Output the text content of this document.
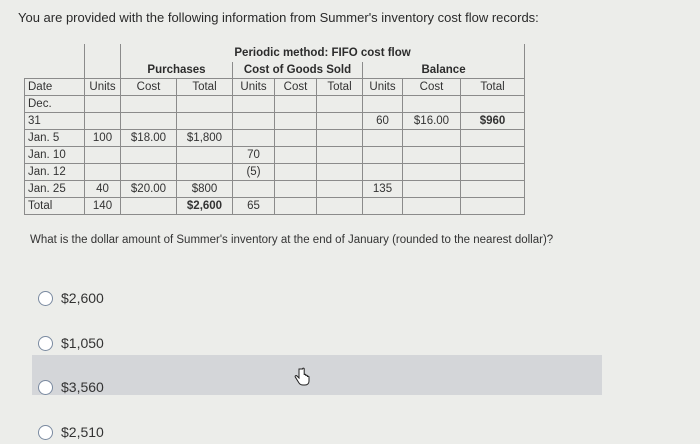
You are provided with the following information from Summer's inventory cost flow records:
		Periodic method: FIFO cost flow							
		Purchases		Cost of Goods Sold			Balance		
Date	Units	Cost	Total	Units	Cost	Total	Units	Cost	Total
Dec.									
31							60	$16.00	$960
Jan. 5	100	$18.00	$1,800						
Jan. 10				70					
Jan. 12				(5)					
Jan. 25	40	$20.00	$800				135		
Total	140		$2,600	65					
What is the dollar amount of Summer's inventory at the end of January (rounded to the nearest dollar)?
$2,600
$1,050
$3,560
$2,510
